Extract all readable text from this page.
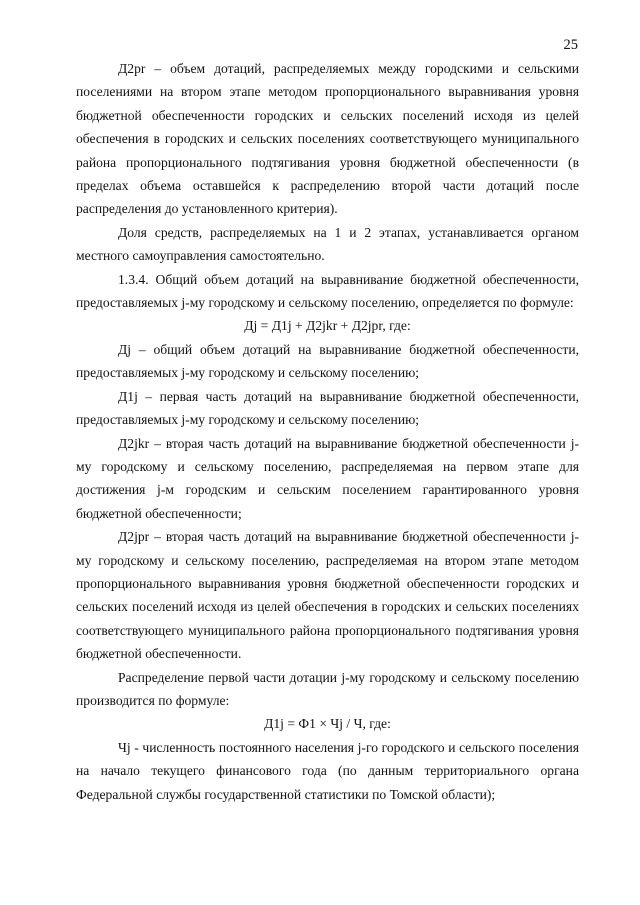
25

Д2рr – объем дотаций, распределяемых между городскими и сельскими поселениями на втором этапе методом пропорционального выравнивания уровня бюджетной обеспеченности городских и сельских поселений исходя из целей обеспечения в городских и сельских поселениях соответствующего муниципального района пропорционального подтягивания уровня бюджетной обеспеченности (в пределах объема оставшейся к распределению второй части дотаций после распределения до установленного критерия).

Доля средств, распределяемых на 1 и 2 этапах, устанавливается органом местного самоуправления самостоятельно.

1.3.4. Общий объем дотаций на выравнивание бюджетной обеспеченности, предоставляемых j-му городскому и сельскому поселению, определяется по формуле:

Дj = Д1j + Д2jkr + Д2jpr, где:

Дj – общий объем дотаций на выравнивание бюджетной обеспеченности, предоставляемых j-му городскому и сельскому поселению;

Д1j – первая часть дотаций на выравнивание бюджетной обеспеченности, предоставляемых j-му городскому и сельскому поселению;

Д2jkr – вторая часть дотаций на выравнивание бюджетной обеспеченности j-му городскому и сельскому поселению, распределяемая на первом этапе для достижения j-м городским и сельским поселением гарантированного уровня бюджетной обеспеченности;

Д2jpr – вторая часть дотаций на выравнивание бюджетной обеспеченности j-му городскому и сельскому поселению, распределяемая на втором этапе методом пропорционального выравнивания уровня бюджетной обеспеченности городских и сельских поселений исходя из целей обеспечения в городских и сельских поселениях соответствующего муниципального района пропорционального подтягивания уровня бюджетной обеспеченности.

Распределение первой части дотации j-му городскому и сельскому поселению производится по формуле:

Д1j = Ф1 × Чj / Ч, где:

Чj - численность постоянного населения j-го городского и сельского поселения на начало текущего финансового года (по данным территориального органа Федеральной службы государственной статистики по Томской области);
